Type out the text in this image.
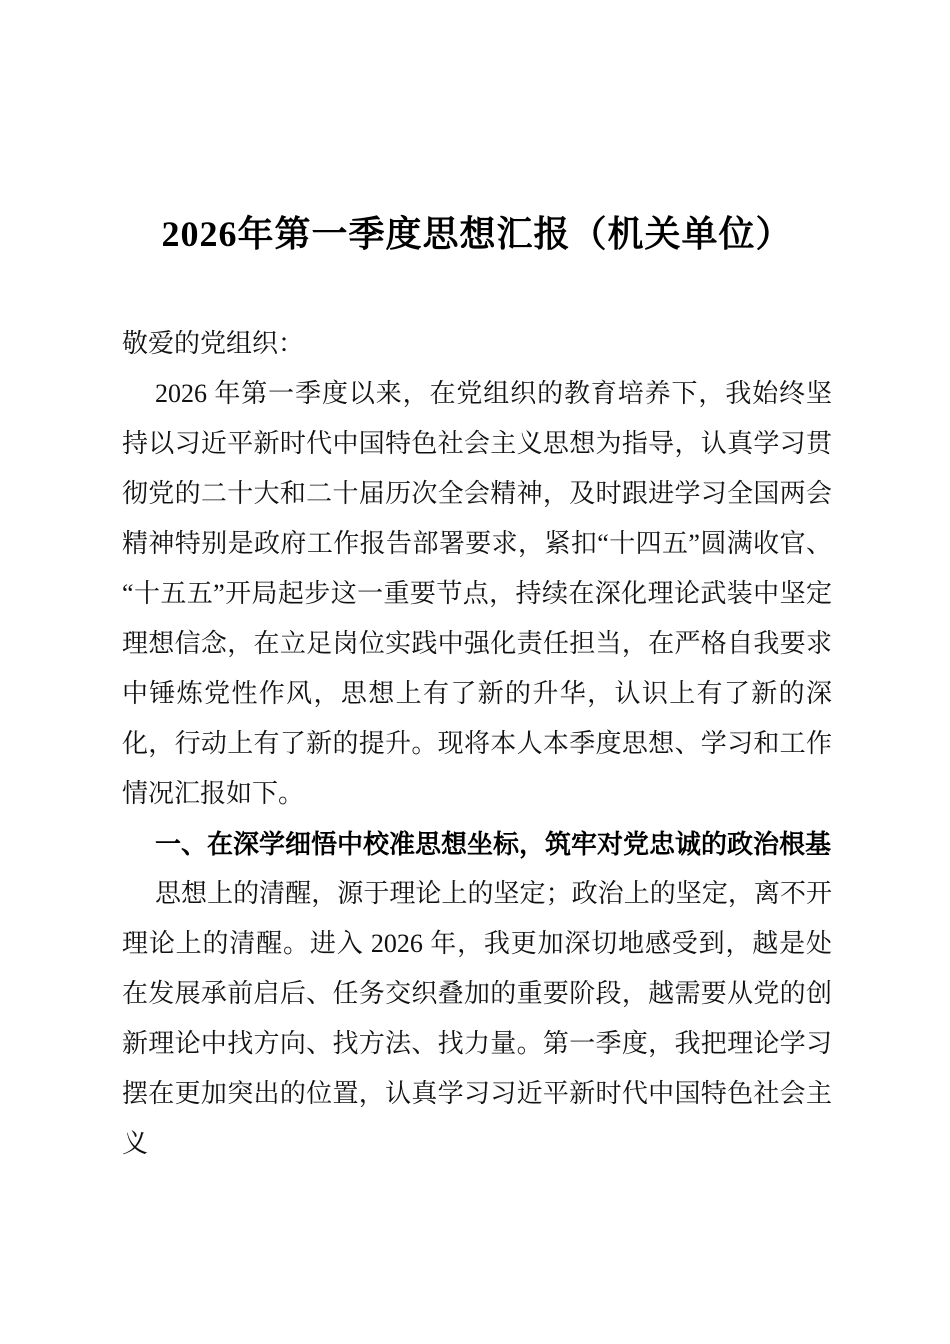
2026年第一季度思想汇报（机关单位）

敬爱的党组织：

2026 年第一季度以来，在党组织的教育培养下，我始终坚持以习近平新时代中国特色社会主义思想为指导，认真学习贯彻党的二十大和二十届历次全会精神，及时跟进学习全国两会精神特别是政府工作报告部署要求，紧扣“十四五”圆满收官、“十五五”开局起步这一重要节点，持续在深化理论武装中坚定理想信念，在立足岗位实践中强化责任担当，在严格自我要求中锤炼党性作风，思想上有了新的升华，认识上有了新的深化，行动上有了新的提升。现将本人本季度思想、学习和工作情况汇报如下。

一、在深学细悟中校准思想坐标，筑牢对党忠诚的政治根基

思想上的清醒，源于理论上的坚定；政治上的坚定，离不开理论上的清醒。进入 2026 年，我更加深切地感受到，越是处在发展承前启后、任务交织叠加的重要阶段，越需要从党的创新理论中找方向、找方法、找力量。第一季度，我把理论学习摆在更加突出的位置，认真学习习近平新时代中国特色社会主义
